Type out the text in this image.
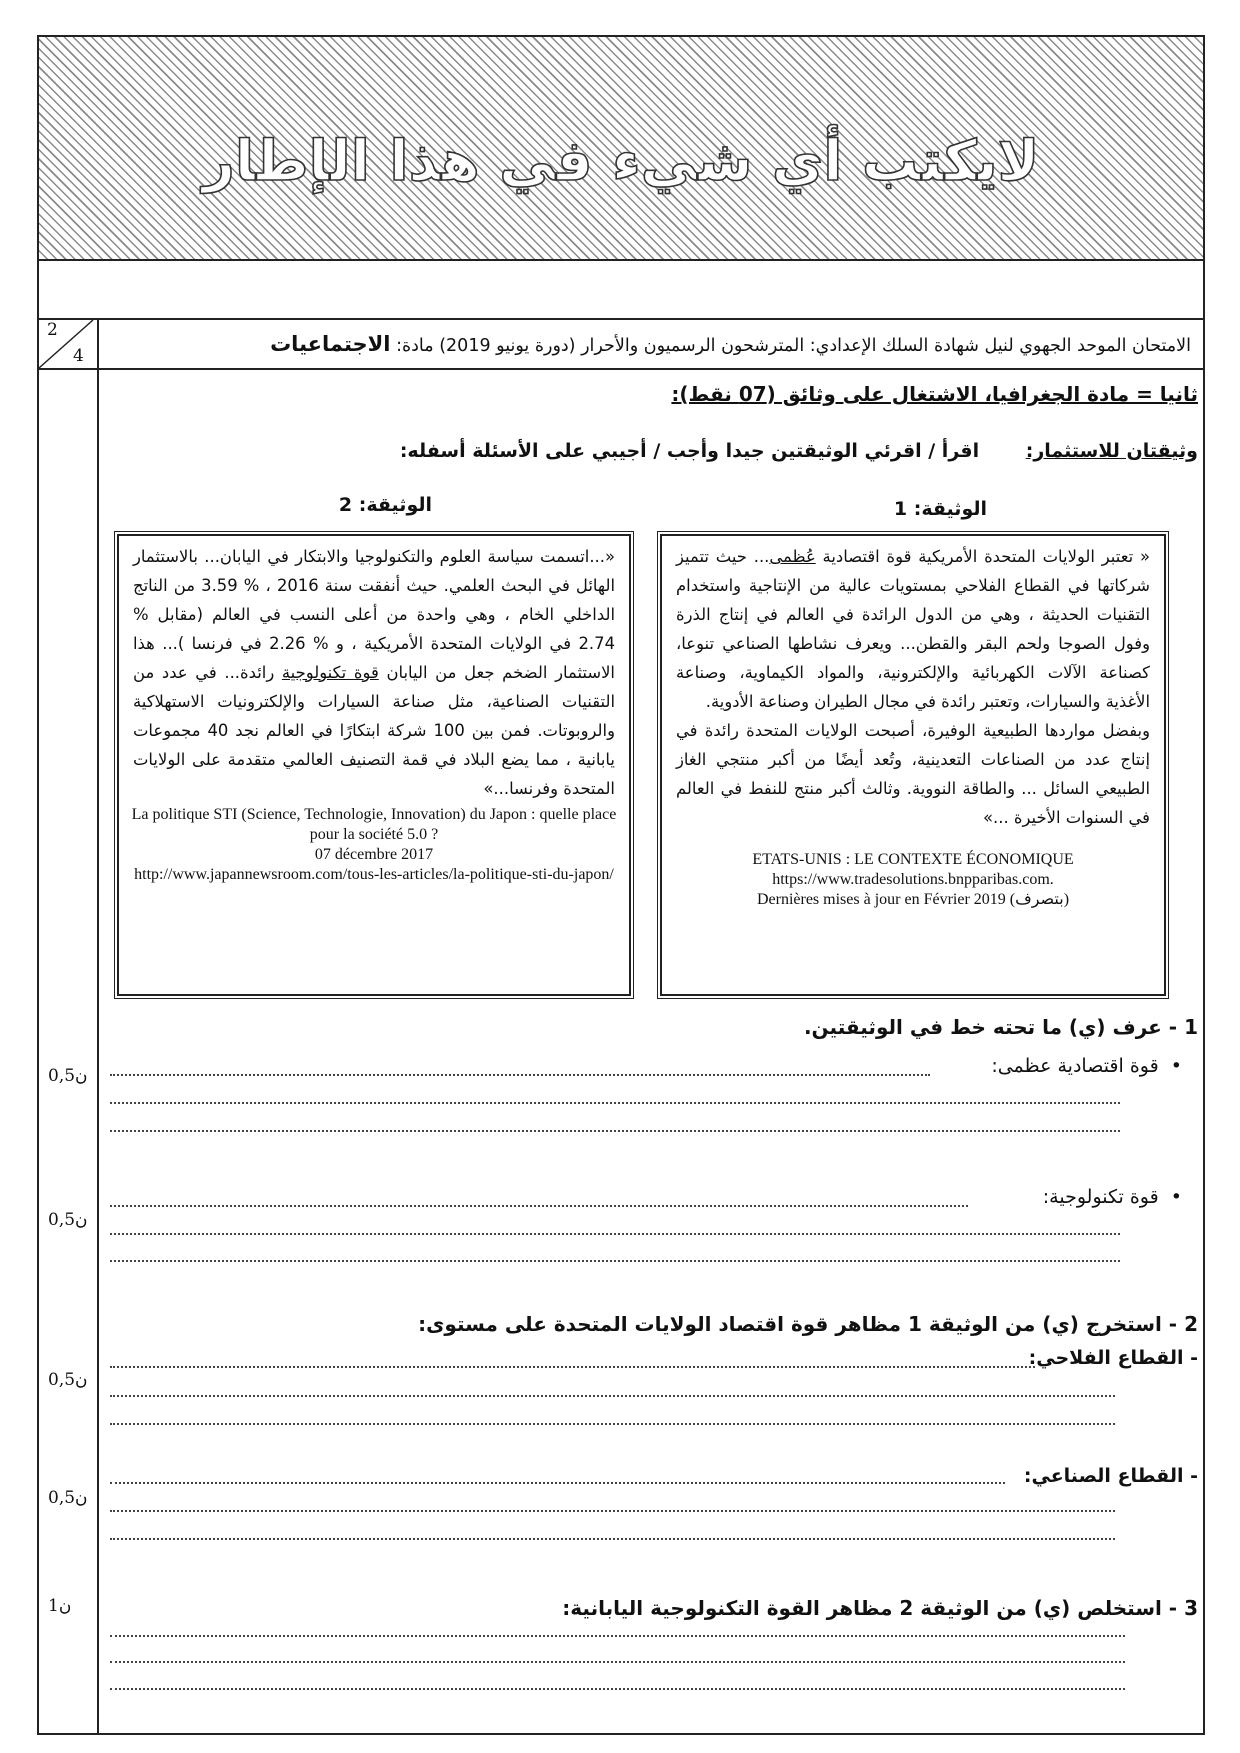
لايكتب أي شيء في هذا الإطار
الامتحان الموحد الجهوي لنيل شهادة السلك الإعدادي: المترشحون الرسميون والأحرار (دورة يونيو 2019) مادة: الاجتماعيات
2
4
ثانيا = مادة الجغرافيا، الاشتغال على وثائق (07 نقط):
وثيقتان للاستثمار: اقرأ / اقرئي الوثيقتين جيدا وأجب / أجيبي على الأسئلة أسفله:
الوثيقة: 1
الوثيقة: 2
« تعتبر الولايات المتحدة الأمريكية قوة اقتصادية عُظمى... حيث تتميز شركاتها في القطاع الفلاحي بمستويات عالية من الإنتاجية واستخدام التقنيات الحديثة ، وهي من الدول الرائدة في العالم في إنتاج الذرة وفول الصوجا ولحم البقر والقطن... ويعرف نشاطها الصناعي تنوعا، كصناعة الآلات الكهربائية والإلكترونية، والمواد الكيماوية، وصناعة الأغذية والسيارات، وتعتبر رائدة في مجال الطيران وصناعة الأدوية.
وبفضل مواردها الطبيعية الوفيرة، أصبحت الولايات المتحدة رائدة في إنتاج عدد من الصناعات التعدينية، وتُعد أيضًا من أكبر منتجي الغاز الطبيعي السائل ... والطاقة النووية. وثالث أكبر منتج للنفط في العالم في السنوات الأخيرة ...»
ETATS-UNIS : LE CONTEXTE ÉCONOMIQUE
https://www.tradesolutions.bnpparibas.com.
Dernières mises à jour en Février 2019 (بتصرف)
«...اتسمت سياسة العلوم والتكنولوجيا والابتكار في اليابان... بالاستثمار الهائل في البحث العلمي. حيث أنفقت سنة 2016 ، % 3.59 من الناتج الداخلي الخام ، وهي واحدة من أعلى النسب في العالم (مقابل % 2.74 في الولايات المتحدة الأمريكية ، و % 2.26 في فرنسا )... هذا الاستثمار الضخم جعل من اليابان قوة تكنولوجية رائدة... في عدد من التقنيات الصناعية، مثل صناعة السيارات والإلكترونيات الاستهلاكية والروبوتات. فمن بين 100 شركة ابتكارًا في العالم نجد 40 مجموعات يابانية ، مما يضع البلاد في قمة التصنيف العالمي متقدمة على الولايات المتحدة وفرنسا...»
La politique STI (Science, Technologie, Innovation) du Japon : quelle place pour la société 5.0 ?
07 décembre 2017
http://www.japannewsroom.com/tous-les-articles/la-politique-sti-du-japon/
1 - عرف (ي) ما تحته خط في الوثيقتين.
•  قوة اقتصادية عظمى:
0,5ن
•  قوة تكنولوجية:
0,5ن
2 - استخرج (ي) من الوثيقة 1 مظاهر قوة اقتصاد الولايات المتحدة على مستوى:
- القطاع الفلاحي:
0,5ن
- القطاع الصناعي:
0,5ن
3 - استخلص (ي) من الوثيقة 2 مظاهر القوة التكنولوجية اليابانية:
1ن
